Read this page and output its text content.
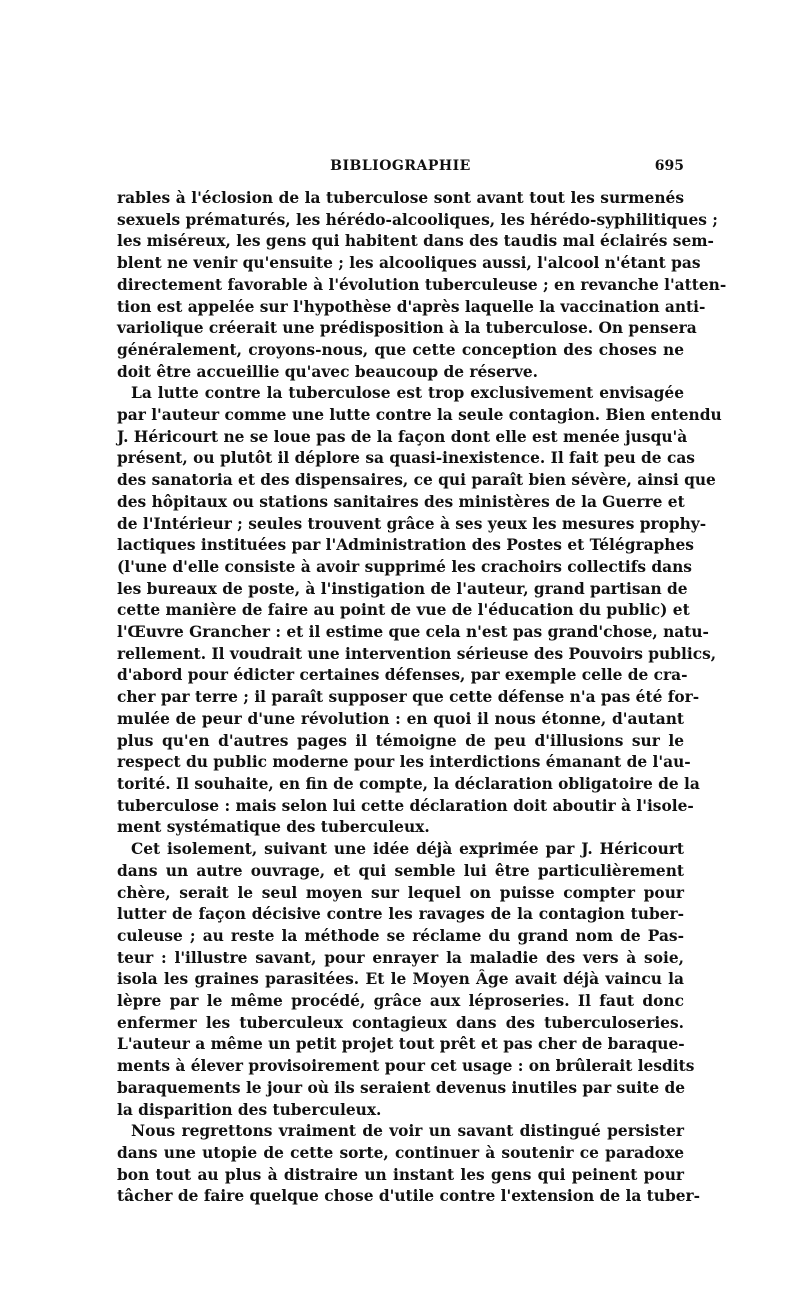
BIBLIOGRAPHIE	695
rables à l'éclosion de la tuberculose sont avant tout les surmenés
sexuels prématurés, les hérédo-alcooliques, les hérédo-syphilitiques ;
les miséreux, les gens qui habitent dans des taudis mal éclairés sem-
blent ne venir qu'ensuite ; les alcooliques aussi, l'alcool n'étant pas
directement favorable à l'évolution tuberculeuse ; en revanche l'atten-
tion est appelée sur l'hypothèse d'après laquelle la vaccination anti-
variolique créerait une prédisposition à la tuberculose. On pensera
généralement, croyons-nous, que cette conception des choses ne
doit être accueillie qu'avec beaucoup de réserve.
La lutte contre la tuberculose est trop exclusivement envisagée
par l'auteur comme une lutte contre la seule contagion. Bien entendu
J. Héricourt ne se loue pas de la façon dont elle est menée jusqu'à
présent, ou plutôt il déplore sa quasi-inexistence. Il fait peu de cas
des sanatoria et des dispensaires, ce qui paraît bien sévère, ainsi que
des hôpitaux ou stations sanitaires des ministères de la Guerre et
de l'Intérieur ; seules trouvent grâce à ses yeux les mesures prophy-
lactiques instituées par l'Administration des Postes et Télégraphes
(l'une d'elle consiste à avoir supprimé les crachoirs collectifs dans
les bureaux de poste, à l'instigation de l'auteur, grand partisan de
cette manière de faire au point de vue de l'éducation du public) et
l'Œuvre Grancher : et il estime que cela n'est pas grand'chose, natu-
rellement. Il voudrait une intervention sérieuse des Pouvoirs publics,
d'abord pour édicter certaines défenses, par exemple celle de cra-
cher par terre ; il paraît supposer que cette défense n'a pas été for-
mulée de peur d'une révolution : en quoi il nous étonne, d'autant
plus qu'en d'autres pages il témoigne de peu d'illusions sur le
respect du public moderne pour les interdictions émanant de l'au-
torité. Il souhaite, en fin de compte, la déclaration obligatoire de la
tuberculose : mais selon lui cette déclaration doit aboutir à l'isole-
ment systématique des tuberculeux.
Cet isolement, suivant une idée déjà exprimée par J. Héricourt
dans un autre ouvrage, et qui semble lui être particulièrement
chère, serait le seul moyen sur lequel on puisse compter pour
lutter de façon décisive contre les ravages de la contagion tuber-
culeuse ; au reste la méthode se réclame du grand nom de Pas-
teur : l'illustre savant, pour enrayer la maladie des vers à soie,
isola les graines parasitées. Et le Moyen Âge avait déjà vaincu la
lèpre par le même procédé, grâce aux léproseries. Il faut donc
enfermer les tuberculeux contagieux dans des tuberculoseries.
L'auteur a même un petit projet tout prêt et pas cher de baraque-
ments à élever provisoirement pour cet usage : on brûlerait lesdits
baraquements le jour où ils seraient devenus inutiles par suite de
la disparition des tuberculeux.
Nous regrettons vraiment de voir un savant distingué persister
dans une utopie de cette sorte, continuer à soutenir ce paradoxe
bon tout au plus à distraire un instant les gens qui peinent pour
tâcher de faire quelque chose d'utile contre l'extension de la tuber-
